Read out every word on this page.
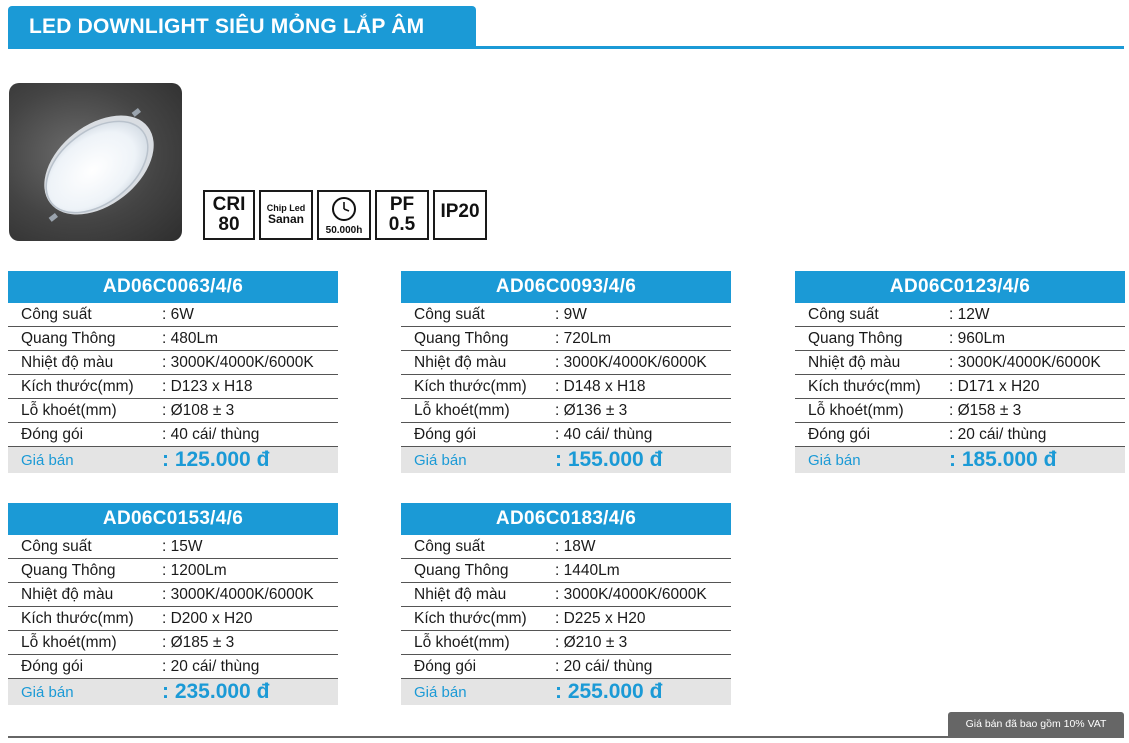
LED DOWNLIGHT SIÊU MỎNG LẮP ÂM
CRI
80
Chip Led
Sanan
50.000h
PF
0.5
IP20
AD06C0063/4/6
Công suất	: 6W
Quang Thông	: 480Lm
Nhiệt độ màu	: 3000K/4000K/6000K
Kích thước(mm)	: D123 x H18
Lỗ khoét(mm)	: Ø108 ± 3
Đóng gói	: 40 cái/ thùng
Giá bán	: 125.000 đ
AD06C0093/4/6
Công suất	: 9W
Quang Thông	: 720Lm
Nhiệt độ màu	: 3000K/4000K/6000K
Kích thước(mm)	: D148 x H18
Lỗ khoét(mm)	: Ø136 ± 3
Đóng gói	: 40 cái/ thùng
Giá bán	: 155.000 đ
AD06C0123/4/6
Công suất	: 12W
Quang Thông	: 960Lm
Nhiệt độ màu	: 3000K/4000K/6000K
Kích thước(mm)	: D171 x H20
Lỗ khoét(mm)	: Ø158 ± 3
Đóng gói	: 20 cái/ thùng
Giá bán	: 185.000 đ
AD06C0153/4/6
Công suất	: 15W
Quang Thông	: 1200Lm
Nhiệt độ màu	: 3000K/4000K/6000K
Kích thước(mm)	: D200 x H20
Lỗ khoét(mm)	: Ø185 ± 3
Đóng gói	: 20 cái/ thùng
Giá bán	: 235.000 đ
AD06C0183/4/6
Công suất	: 18W
Quang Thông	: 1440Lm
Nhiệt độ màu	: 3000K/4000K/6000K
Kích thước(mm)	: D225 x H20
Lỗ khoét(mm)	: Ø210 ± 3
Đóng gói	: 20 cái/ thùng
Giá bán	: 255.000 đ
Giá bán đã bao gồm 10% VAT
